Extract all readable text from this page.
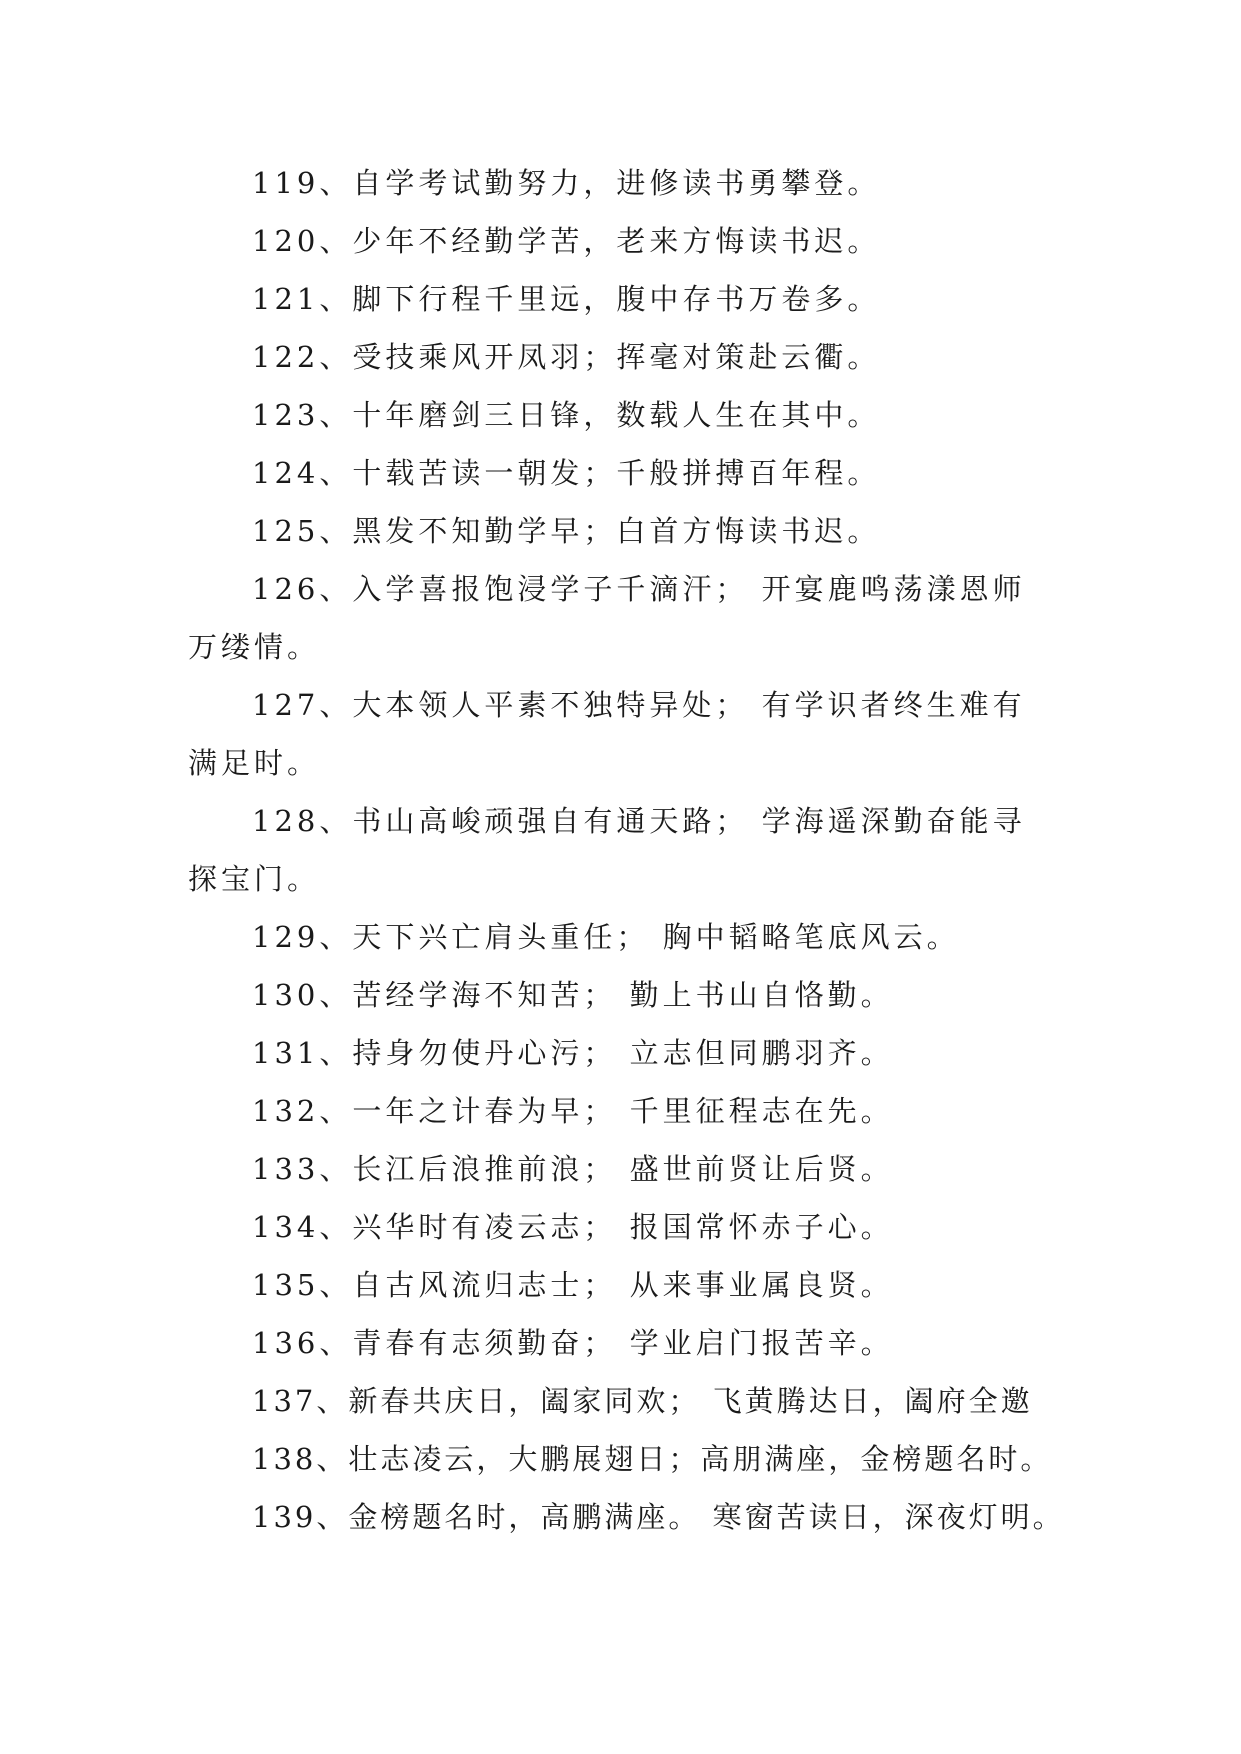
119、自学考试勤努力，进修读书勇攀登。

120、少年不经勤学苦，老来方悔读书迟。

121、脚下行程千里远，腹中存书万卷多。

122、受技乘风开凤羽；挥毫对策赴云衢。

123、十年磨剑三日锋，数载人生在其中。

124、十载苦读一朝发；千般拼搏百年程。

125、黑发不知勤学早；白首方悔读书迟。

126、入学喜报饱浸学子千滴汗； 开宴鹿鸣荡漾恩师万缕情。

127、大本领人平素不独特异处； 有学识者终生难有满足时。

128、书山高峻顽强自有通天路； 学海遥深勤奋能寻探宝门。

129、天下兴亡肩头重任； 胸中韬略笔底风云。

130、苦经学海不知苦； 勤上书山自恪勤。

131、持身勿使丹心污； 立志但同鹏羽齐。

132、一年之计春为早； 千里征程志在先。

133、长江后浪推前浪； 盛世前贤让后贤。

134、兴华时有凌云志； 报国常怀赤子心。

135、自古风流归志士； 从来事业属良贤。

136、青春有志须勤奋； 学业启门报苦辛。

137、新春共庆日，阖家同欢； 飞黄腾达日，阖府全邀

138、壮志凌云，大鹏展翅日；高朋满座，金榜题名时。

139、金榜题名时，高鹏满座。 寒窗苦读日，深夜灯明。
